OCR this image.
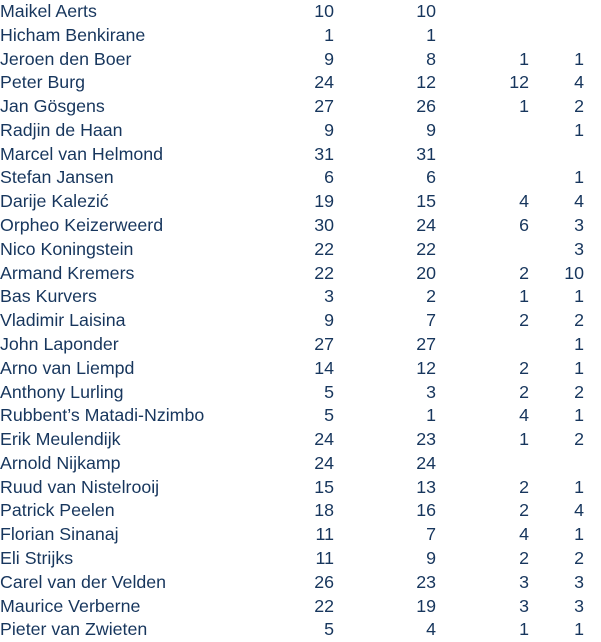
Maikel Aerts	10	10			
Hicham Benkirane	1	1			
Jeroen den Boer	9	8	1	1	
Peter Burg	24	12	12	4	
Jan Gösgens	27	26	1	2	
Radjin de Haan	9	9		1	
Marcel van Helmond	31	31			
Stefan Jansen	6	6		1	
Darije Kalezić	19	15	4	4	
Orpheo Keizerweerd	30	24	6	3	
Nico Koningstein	22	22		3	
Armand Kremers	22	20	2	10	
Bas Kurvers	3	2	1	1	
Vladimir Laisina	9	7	2	2	
John Laponder	27	27		1	
Arno van Liempd	14	12	2	1	
Anthony Lurling	5	3	2	2	
Rubbent’s Matadi-Nzimbo	5	1	4	1	
Erik Meulendijk	24	23	1	2	
Arnold Nijkamp	24	24			
Ruud van Nistelrooij	15	13	2	1	
Patrick Peelen	18	16	2	4	
Florian Sinanaj	11	7	4	1	
Eli Strijks	11	9	2	2	
Carel van der Velden	26	23	3	3	
Maurice Verberne	22	19	3	3	
Pieter van Zwieten	5	4	1	1	
